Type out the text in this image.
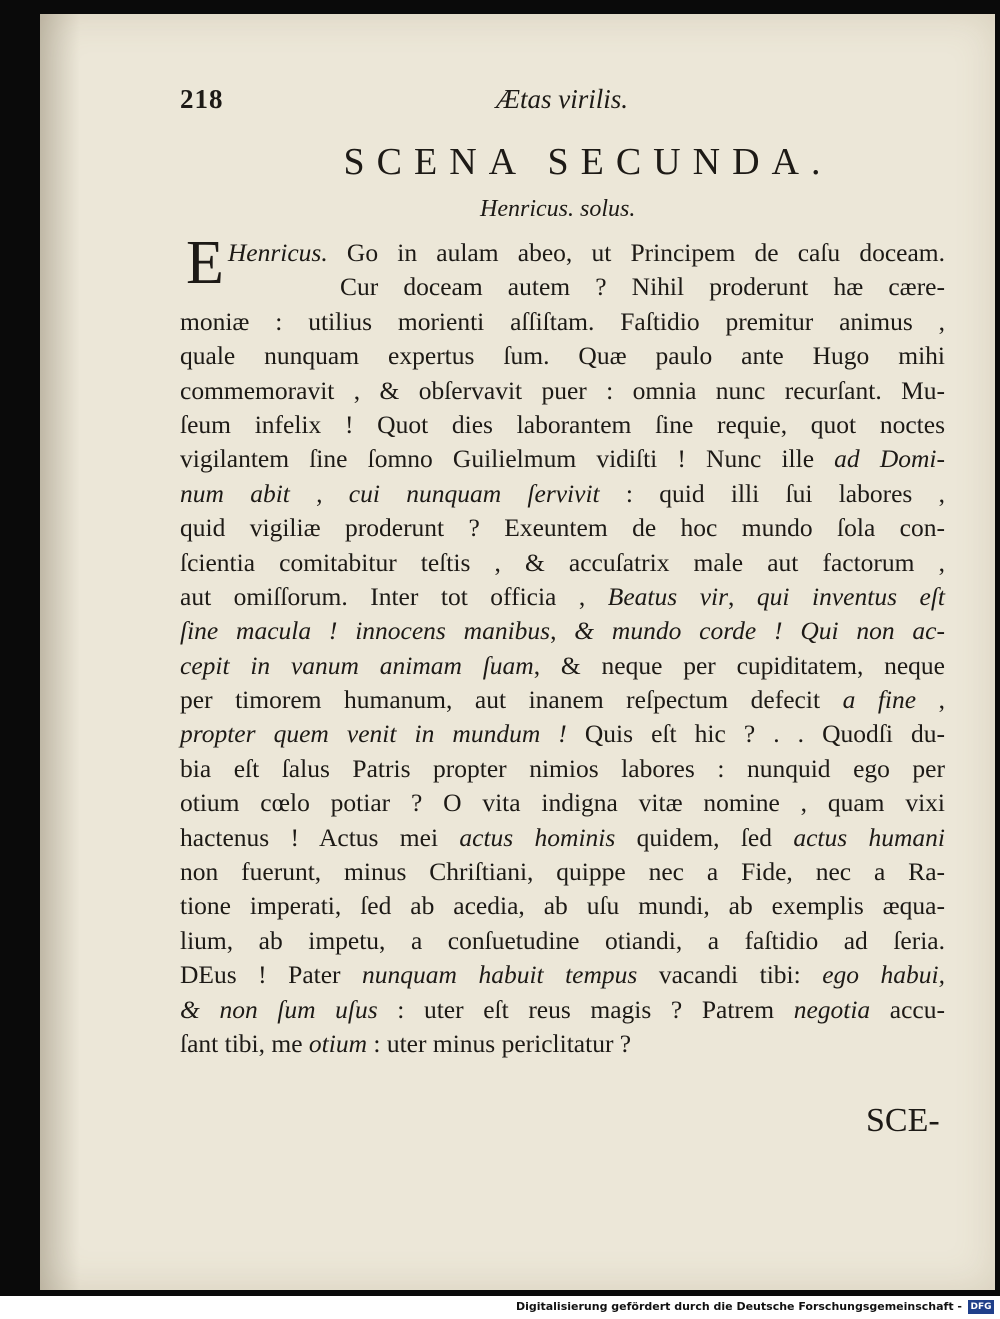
218	Ætas virilis.
SCENA SECUNDA.
Henricus. solus.
Henricus.
E	Go in aulam abeo, ut Principem de caſu doceam.
Cur doceam autem ? Nihil proderunt hæ cære-
moniæ : utilius morienti aſſiſtam. Faſtidio premitur animus ,
quale nunquam expertus ſum. Quæ paulo ante Hugo mihi
commemoravit , & obſervavit puer : omnia nunc recurſant. Mu-
ſeum infelix ! Quot dies laborantem ſine requie, quot noctes
vigilantem ſine ſomno Guilielmum vidiſti ! Nunc ille ad Domi-
num abit , cui nunquam ſervivit : quid illi ſui labores ,
quid vigiliæ proderunt ? Exeuntem de hoc mundo ſola con-
ſcientia comitabitur teſtis , & accuſatrix male aut factorum ,
aut omiſſorum. Inter tot officia , Beatus vir, qui inventus eſt
ſine macula ! innocens manibus, & mundo corde ! Qui non ac-
cepit in vanum animam ſuam, & neque per cupiditatem, neque
per timorem humanum, aut inanem reſpectum defecit a fine ,
propter quem venit in mundum ! Quis eſt hic ? . . Quodſi du-
bia eſt ſalus Patris propter nimios labores : nunquid ego per
otium cœlo potiar ? O vita indigna vitæ nomine , quam vixi
hactenus ! Actus mei actus hominis quidem, ſed actus humani
non fuerunt, minus Chriſtiani, quippe nec a Fide, nec a Ra-
tione imperati, ſed ab acedia, ab uſu mundi, ab exemplis æqua-
lium, ab impetu, a conſuetudine otiandi, a faſtidio ad ſeria.
DEus ! Pater nunquam habuit tempus vacandi tibi: ego habui,
& non ſum uſus : uter eſt reus magis ? Patrem negotia accu-
ſant tibi, me otium : uter minus periclitatur ?
SCE-
Digitalisierung gefördert durch die Deutsche Forschungsgemeinschaft - DFG
